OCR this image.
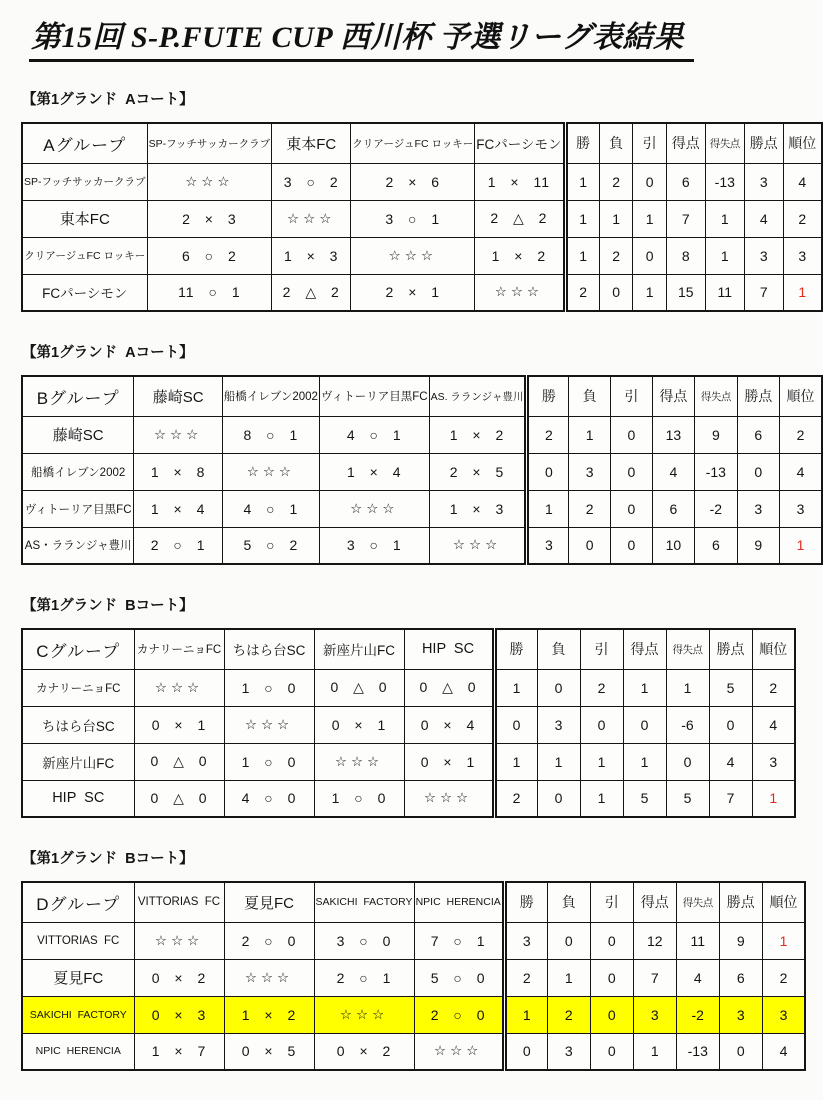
第15回 S-P.FUTE CUP 西川杯 予選リーグ表結果
【第1グランド  Aコート】
Aグループ	SP-フッチサッカークラブ	東本FC	クリアージュFC ロッキー	FCパーシモン	勝	負	引	得点	得失点	勝点	順位
SP-フッチサッカークラブ	☆☆☆	3 ○ 2	2 × 6	1 × 11	1	2	0	6	-13	3	4
東本FC	2 × 3	☆☆☆	3 ○ 1	2 △ 2	1	1	1	7	1	4	2
クリアージュFC ロッキー	6 ○ 2	1 × 3	☆☆☆	1 × 2	1	2	0	8	1	3	3
FCパーシモン	11 ○ 1	2 △ 2	2 × 1	☆☆☆	2	0	1	15	11	7	1
【第1グランド  Aコート】
Bグループ	藤崎SC	船橋イレブン2002	ヴィトーリア目黒FC	AS. ラランジャ豊川	勝	負	引	得点	得失点	勝点	順位
藤崎SC	☆☆☆	8 ○ 1	4 ○ 1	1 × 2	2	1	0	13	9	6	2
船橋イレブン2002	1 × 8	☆☆☆	1 × 4	2 × 5	0	3	0	4	-13	0	4
ヴィトーリア目黒FC	1 × 4	4 ○ 1	☆☆☆	1 × 3	1	2	0	6	-2	3	3
AS・ラランジャ豊川	2 ○ 1	5 ○ 2	3 ○ 1	☆☆☆	3	0	0	10	6	9	1
【第1グランド  Bコート】
Cグループ	カナリーニョFC	ちはら台SC	新座片山FC	HIP  SC	勝	負	引	得点	得失点	勝点	順位
カナリーニョFC	☆☆☆	1 ○ 0	0 △ 0	0 △ 0	1	0	2	1	1	5	2
ちはら台SC	0 × 1	☆☆☆	0 × 1	0 × 4	0	3	0	0	-6	0	4
新座片山FC	0 △ 0	1 ○ 0	☆☆☆	0 × 1	1	1	1	1	0	4	3
HIP  SC	0 △ 0	4 ○ 0	1 ○ 0	☆☆☆	2	0	1	5	5	7	1
【第1グランド  Bコート】
Dグループ	VITTORIAS  FC	夏見FC	SAKICHI  FACTORY	NPIC  HERENCIA	勝	負	引	得点	得失点	勝点	順位
VITTORIAS  FC	☆☆☆	2 ○ 0	3 ○ 0	7 ○ 1	3	0	0	12	11	9	1
夏見FC	0 × 2	☆☆☆	2 ○ 1	5 ○ 0	2	1	0	7	4	6	2
SAKICHI  FACTORY	0 × 3	1 × 2	☆☆☆	2 ○ 0	1	2	0	3	-2	3	3
NPIC  HERENCIA	1 × 7	0 × 5	0 × 2	☆☆☆	0	3	0	1	-13	0	4
